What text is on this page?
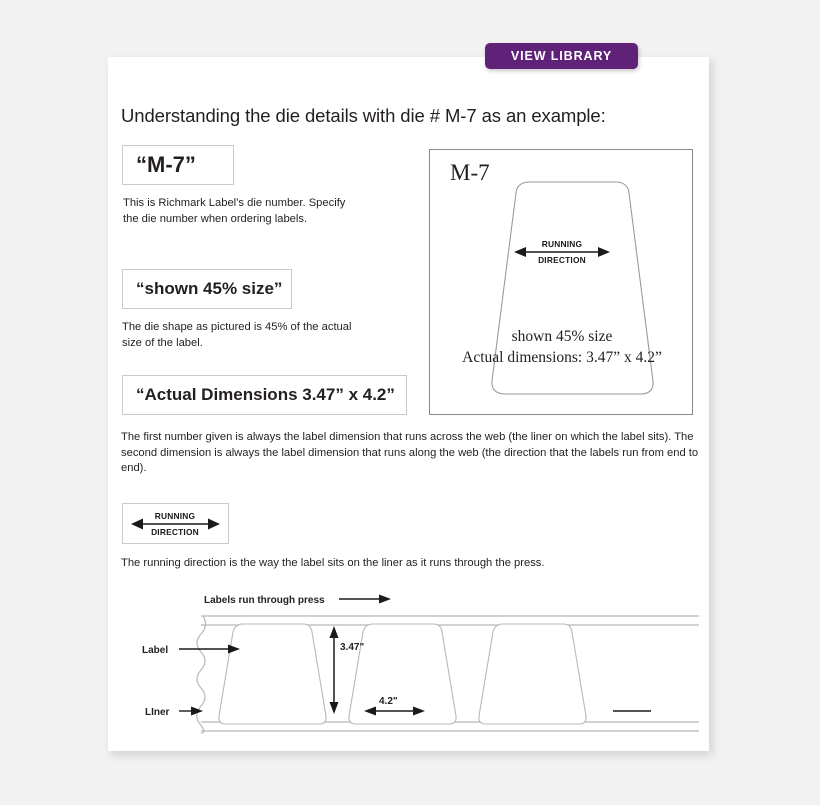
VIEW LIBRARY
Understanding the die details with die # M-7 as an example:
“M-7”
This is Richmark Label’s die number. Specify the die number when ordering labels.
“shown 45% size”
The die shape as pictured is 45% of the actual size of the label.
“Actual Dimensions 3.47” x 4.2”
The first number given is always the label dimension that runs across the web (the liner on which the label sits). The second dimension is always the label dimension that runs along the web (the direction that the labels run from end to end).
M-7
RUNNING
DIRECTION
shown 45% size
Actual dimensions: 3.47” x 4.2”
RUNNING
DIRECTION
The running direction is the way the label sits on the liner as it runs through the press.
Labels run through press
Label
LIner
3.47"
4.2"
